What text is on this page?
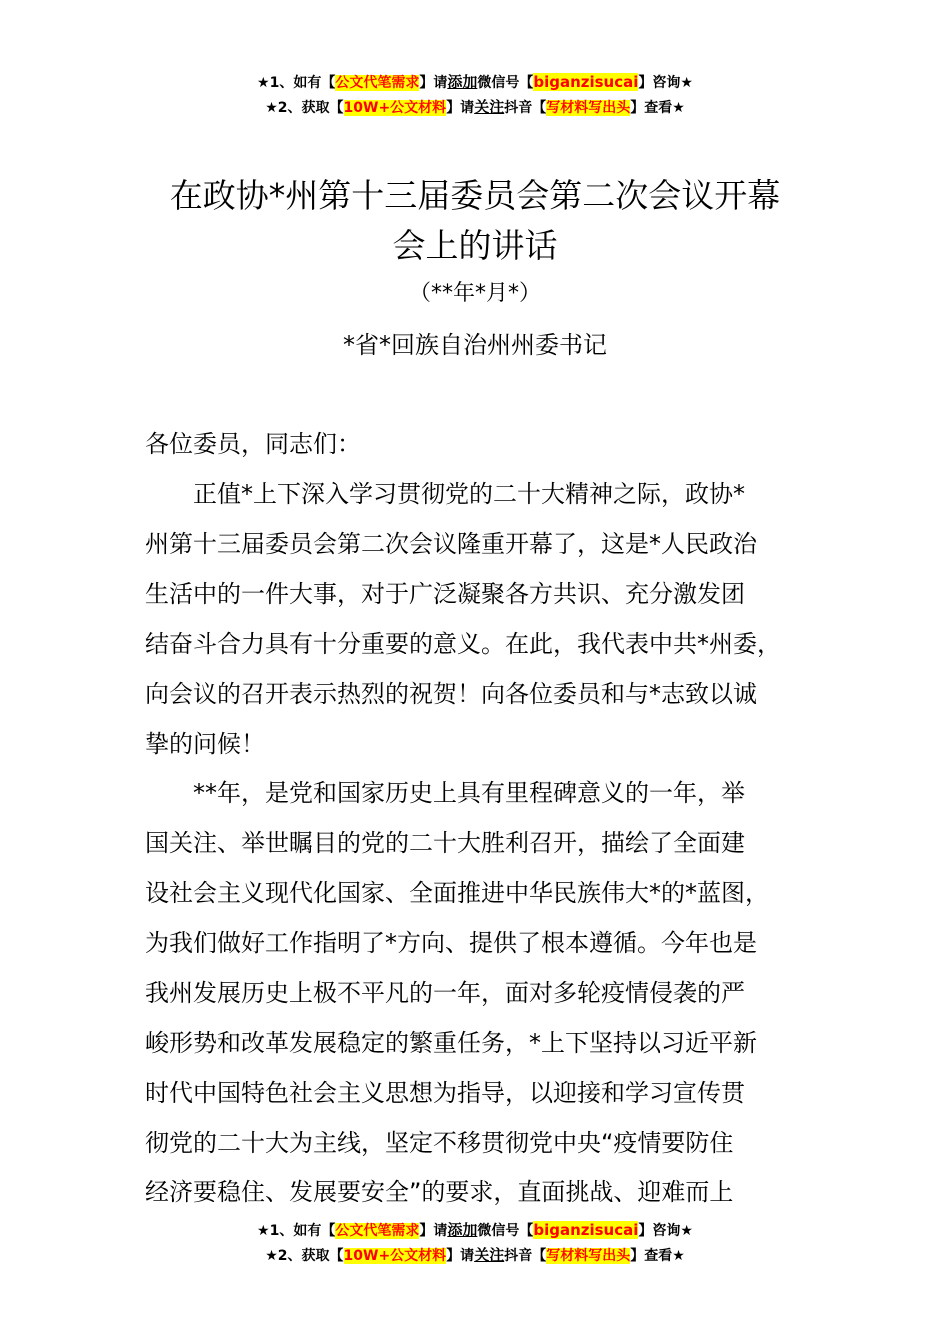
★1、如有【公文代笔需求】请添加微信号【biganzisucai】咨询★
★2、获取【10W+公文材料】请关注抖音【写材料写出头】查看★
在政协*州第十三届委员会第二次会议开幕
会上的讲话
（**年*月*）
*省*回族自治州州委书记
各位委员，同志们：
　　正值*上下深入学习贯彻党的二十大精神之际，政协*
州第十三届委员会第二次会议隆重开幕了，这是*人民政治
生活中的一件大事，对于广泛凝聚各方共识、充分激发团
结奋斗合力具有十分重要的意义。在此，我代表中共*州委，
向会议的召开表示热烈的祝贺！向各位委员和与*志致以诚
挚的问候！
　　**年，是党和国家历史上具有里程碑意义的一年，举
国关注、举世瞩目的党的二十大胜利召开，描绘了全面建
设社会主义现代化国家、全面推进中华民族伟大*的*蓝图，
为我们做好工作指明了*方向、提供了根本遵循。今年也是
我州发展历史上极不平凡的一年，面对多轮疫情侵袭的严
峻形势和改革发展稳定的繁重任务，*上下坚持以习近平新
时代中国特色社会主义思想为指导，以迎接和学习宣传贯
彻党的二十大为主线，坚定不移贯彻党中央“疫情要防住
经济要稳住、发展要安全”的要求，直面挑战、迎难而上
★1、如有【公文代笔需求】请添加微信号【biganzisucai】咨询★
★2、获取【10W+公文材料】请关注抖音【写材料写出头】查看★
